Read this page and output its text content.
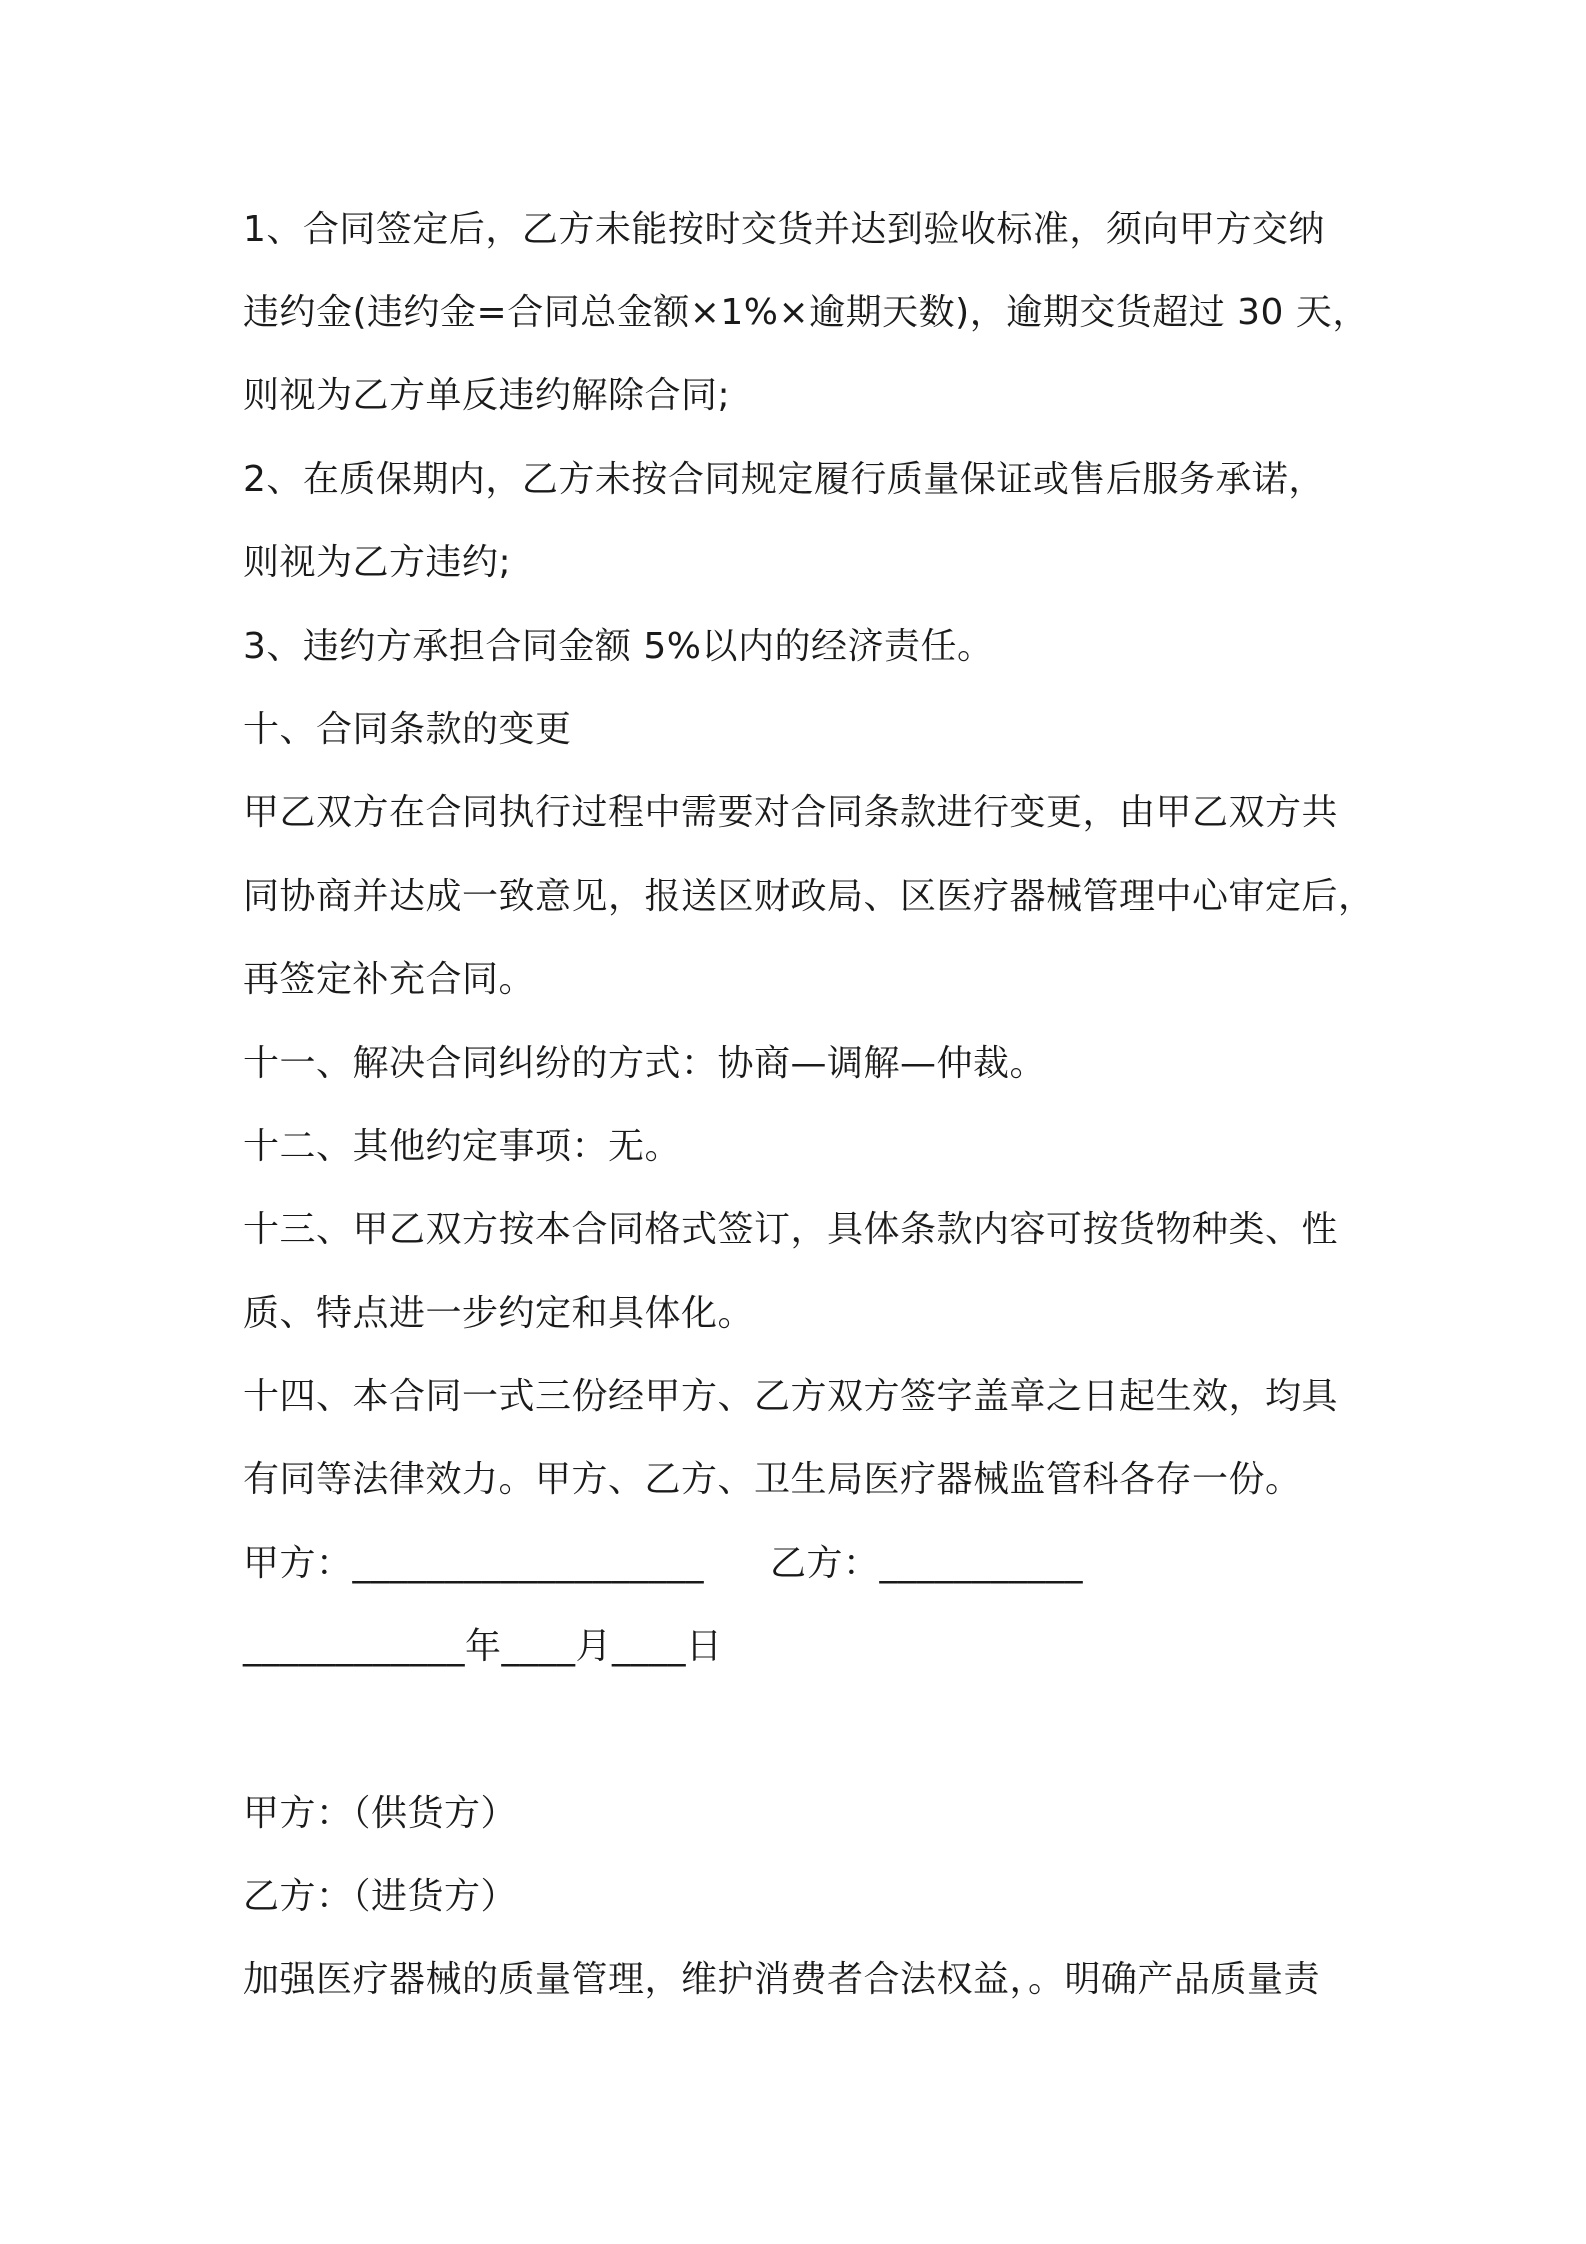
1、合同签定后，乙方未能按时交货并达到验收标准，须向甲方交纳
违约金(违约金=合同总金额×1%×逾期天数)，逾期交货超过 30 天，
则视为乙方单反违约解除合同;
2、在质保期内，乙方未按合同规定履行质量保证或售后服务承诺，
则视为乙方违约;
3、违约方承担合同金额 5%以内的经济责任。
十、合同条款的变更
甲乙双方在合同执行过程中需要对合同条款进行变更，由甲乙双方共
同协商并达成一致意见，报送区财政局、区医疗器械管理中心审定后，
再签定补充合同。
十一、解决合同纠纷的方式：协商—调解—仲裁。
十二、其他约定事项：无。
十三、甲乙双方按本合同格式签订，具体条款内容可按货物种类、性
质、特点进一步约定和具体化。
十四、本合同一式三份经甲方、乙方双方签字盖章之日起生效，均具
有同等法律效力。甲方、乙方、卫生局医疗器械监管科各存一份。
甲方：___________________ 乙方：___________
____________年____月____日
甲方：（供货方）
乙方：（进货方）
加强医疗器械的质量管理，维护消费者合法权益，。明确产品质量责
